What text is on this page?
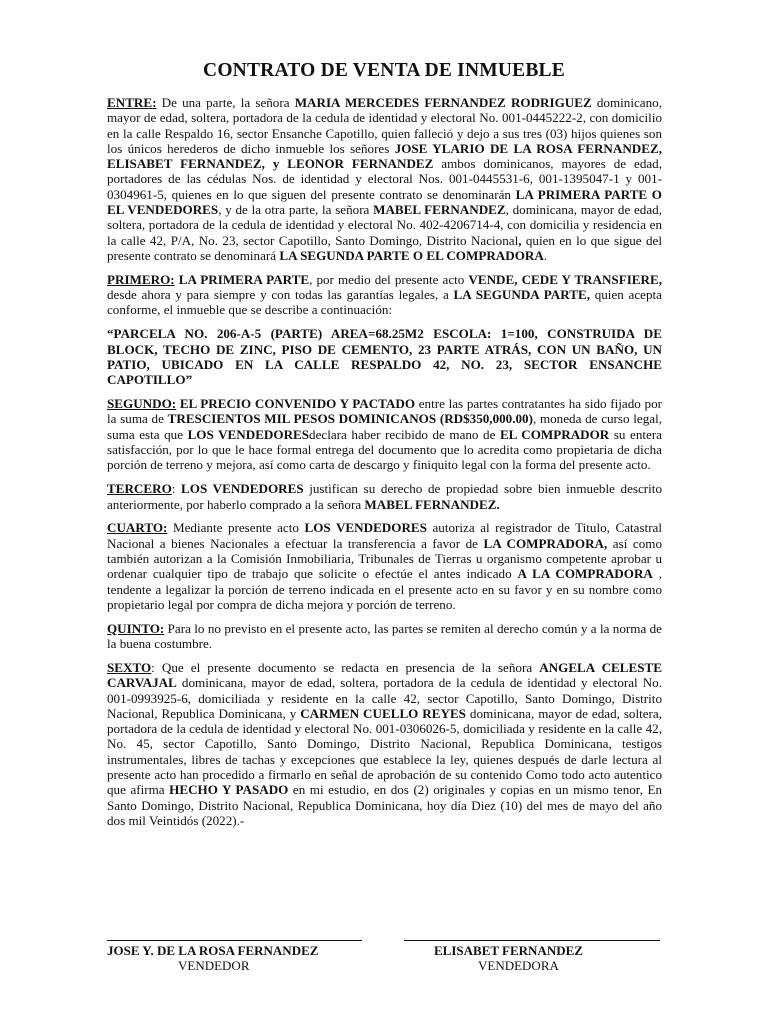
CONTRATO DE VENTA DE INMUEBLE

ENTRE: De una parte, la señora MARIA MERCEDES FERNANDEZ RODRIGUEZ dominicano, mayor de edad, soltera, portadora de la cedula de identidad y electoral No. 001-0445222-2, con domicilio en la calle Respaldo 16, sector Ensanche Capotillo, quien falleció y dejo a sus tres (03) hijos quienes son los únicos herederos de dicho inmueble los señores JOSE YLARIO DE LA ROSA FERNANDEZ, ELISABET FERNANDEZ, y LEONOR FERNANDEZ ambos dominicanos, mayores de edad, portadores de las cédulas Nos. de identidad y electoral Nos. 001-0445531-6, 001-1395047-1 y 001-0304961-5, quienes en lo que siguen del presente contrato se denominarán LA PRIMERA PARTE O EL VENDEDORES, y de la otra parte, la señora MABEL FERNANDEZ, dominicana, mayor de edad, soltera, portadora de la cedula de identidad y electoral No. 402-4206714-4, con domicilia y residencia en la calle 42, P/A, No. 23, sector Capotillo, Santo Domingo, Distrito Nacional, quien en lo que sigue del presente contrato se denominará LA SEGUNDA PARTE O EL COMPRADORA.

PRIMERO: LA PRIMERA PARTE, por medio del presente acto VENDE, CEDE Y TRANSFIERE, desde ahora y para siempre y con todas las garantías legales, a LA SEGUNDA PARTE, quien acepta conforme, el inmueble que se describe a continuación:

“PARCELA NO. 206-A-5 (PARTE) AREA=68.25M2 ESCOLA: 1=100, CONSTRUIDA DE BLOCK, TECHO DE ZINC, PISO DE CEMENTO, 23 PARTE ATRÁS, CON UN BAÑO, UN PATIO, UBICADO EN LA CALLE RESPALDO 42, NO. 23, SECTOR ENSANCHE CAPOTILLO”

SEGUNDO: EL PRECIO CONVENIDO Y PACTADO entre las partes contratantes ha sido fijado por la suma de TRESCIENTOS MIL PESOS DOMINICANOS (RD$350,000.00), moneda de curso legal, suma esta que LOS VENDEDORESdeclara haber recibido de mano de EL COMPRADOR su entera satisfacción, por lo que le hace formal entrega del documento que lo acredita como propietaria de dicha porción de terreno y mejora, así como carta de descargo y finiquito legal con la forma del presente acto.

TERCERO: LOS VENDEDORES justifican su derecho de propiedad sobre bien inmueble descrito anteriormente, por haberlo comprado a la señora MABEL FERNANDEZ.

CUARTO: Mediante presente acto LOS VENDEDORES autoriza al registrador de Titulo, Catastral Nacional a bienes Nacionales a efectuar la transferencia a favor de LA COMPRADORA, así como también autorizan a la Comisión Inmobiliaria, Tribunales de Tierras u organismo competente aprobar u ordenar cualquier tipo de trabajo que solicite o efectúe el antes indicado A LA COMPRADORA , tendente a legalizar la porción de terreno indicada en el presente acto en su favor y en su nombre como propietario legal por compra de dicha mejora y porción de terreno.

QUINTO: Para lo no previsto en el presente acto, las partes se remiten al derecho común y a la norma de la buena costumbre.

SEXTO: Que el presente documento se redacta en presencia de la señora ANGELA CELESTE CARVAJAL dominicana, mayor de edad, soltera, portadora de la cedula de identidad y electoral No. 001-0993925-6, domiciliada y residente en la calle 42, sector Capotillo, Santo Domingo, Distrito Nacional, Republica Dominicana, y CARMEN CUELLO REYES dominicana, mayor de edad, soltera, portadora de la cedula de identidad y electoral No. 001-0306026-5, domiciliada y residente en la calle 42, No. 45, sector Capotillo, Santo Domingo, Distrito Nacional, Republica Dominicana, testigos instrumentales, libres de tachas y excepciones que establece la ley, quienes después de darle lectura al presente acto han procedido a firmarlo en señal de aprobación de su contenido Como todo acto autentico que afirma HECHO Y PASADO en mi estudio, en dos (2) originales y copias en un mismo tenor, En Santo Domingo, Distrito Nacional, Republica Dominicana, hoy día Diez (10) del mes de mayo del año dos mil Veintidós (2022).-

JOSE Y. DE LA ROSA FERNANDEZ
VENDEDOR
ELISABET FERNANDEZ
VENDEDORA
